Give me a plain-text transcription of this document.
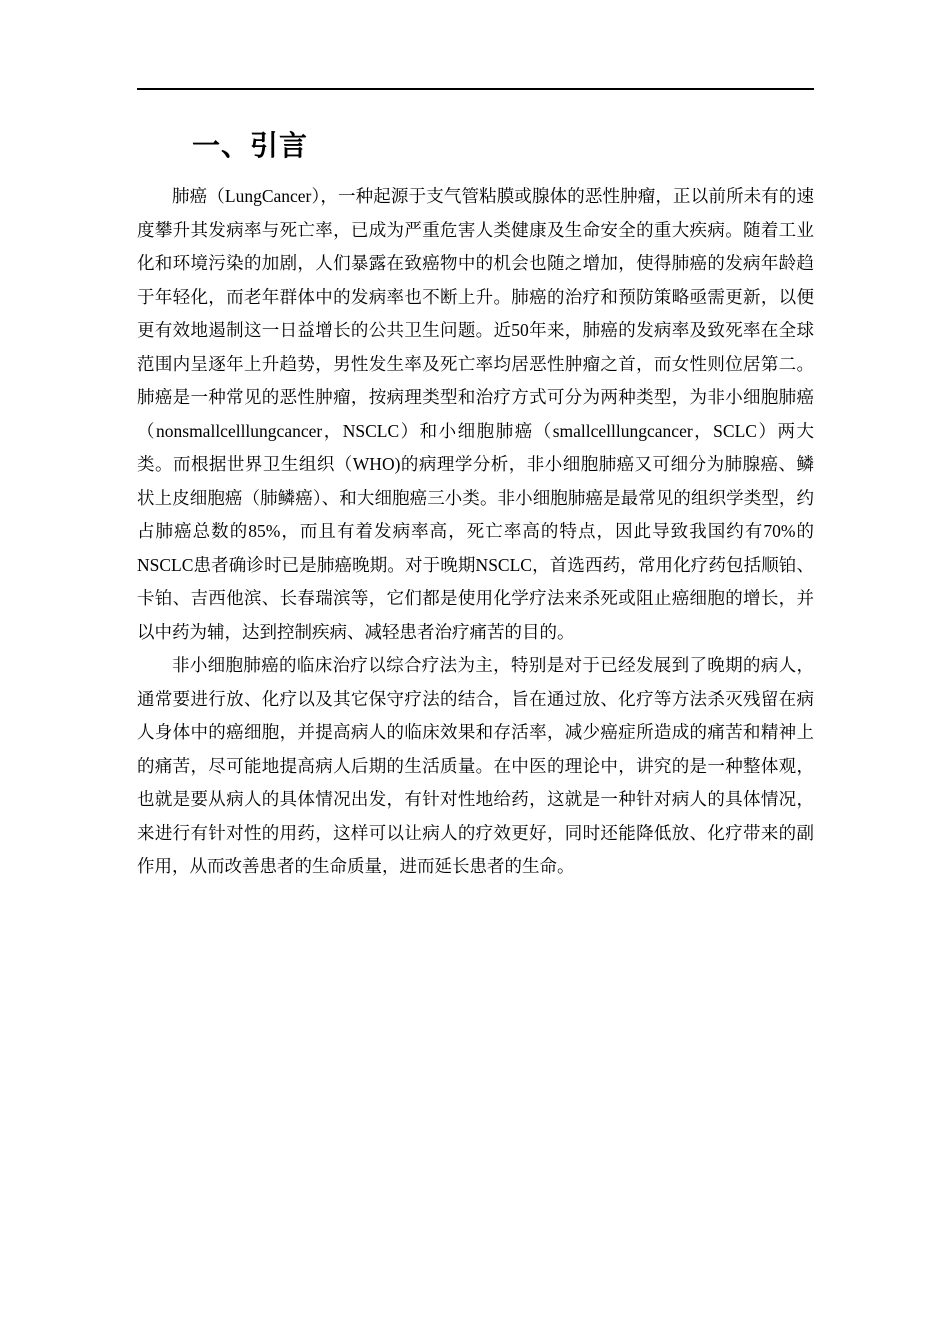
一、引言

肺癌（LungCancer），一种起源于支气管粘膜或腺体的恶性肿瘤，正以前所未有的速度攀升其发病率与死亡率，已成为严重危害人类健康及生命安全的重大疾病。随着工业化和环境污染的加剧，人们暴露在致癌物中的机会也随之增加，使得肺癌的发病年龄趋于年轻化，而老年群体中的发病率也不断上升。肺癌的治疗和预防策略亟需更新，以便更有效地遏制这一日益增长的公共卫生问题。近50年来，肺癌的发病率及致死率在全球范围内呈逐年上升趋势，男性发生率及死亡率均居恶性肿瘤之首，而女性则位居第二。肺癌是一种常见的恶性肿瘤，按病理类型和治疗方式可分为两种类型，为非小细胞肺癌（nonsmallcelllungcancer，NSCLC）和小细胞肺癌（smallcelllungcancer，SCLC）两大类。而根据世界卫生组织（WHO)的病理学分析，非小细胞肺癌又可细分为肺腺癌、鳞状上皮细胞癌（肺鳞癌）、和大细胞癌三小类。非小细胞肺癌是最常见的组织学类型，约占肺癌总数的85%，而且有着发病率高，死亡率高的特点，因此导致我国约有70%的NSCLC患者确诊时已是肺癌晚期。对于晚期NSCLC，首选西药，常用化疗药包括顺铂、卡铂、吉西他滨、长春瑞滨等，它们都是使用化学疗法来杀死或阻止癌细胞的增长，并以中药为辅，达到控制疾病、减轻患者治疗痛苦的目的。

非小细胞肺癌的临床治疗以综合疗法为主，特别是对于已经发展到了晚期的病人，通常要进行放、化疗以及其它保守疗法的结合，旨在通过放、化疗等方法杀灭残留在病人身体中的癌细胞，并提高病人的临床效果和存活率，减少癌症所造成的痛苦和精神上的痛苦，尽可能地提高病人后期的生活质量。在中医的理论中，讲究的是一种整体观，也就是要从病人的具体情况出发，有针对性地给药，这就是一种针对病人的具体情况，来进行有针对性的用药，这样可以让病人的疗效更好，同时还能降低放、化疗带来的副作用，从而改善患者的生命质量，进而延长患者的生命。
